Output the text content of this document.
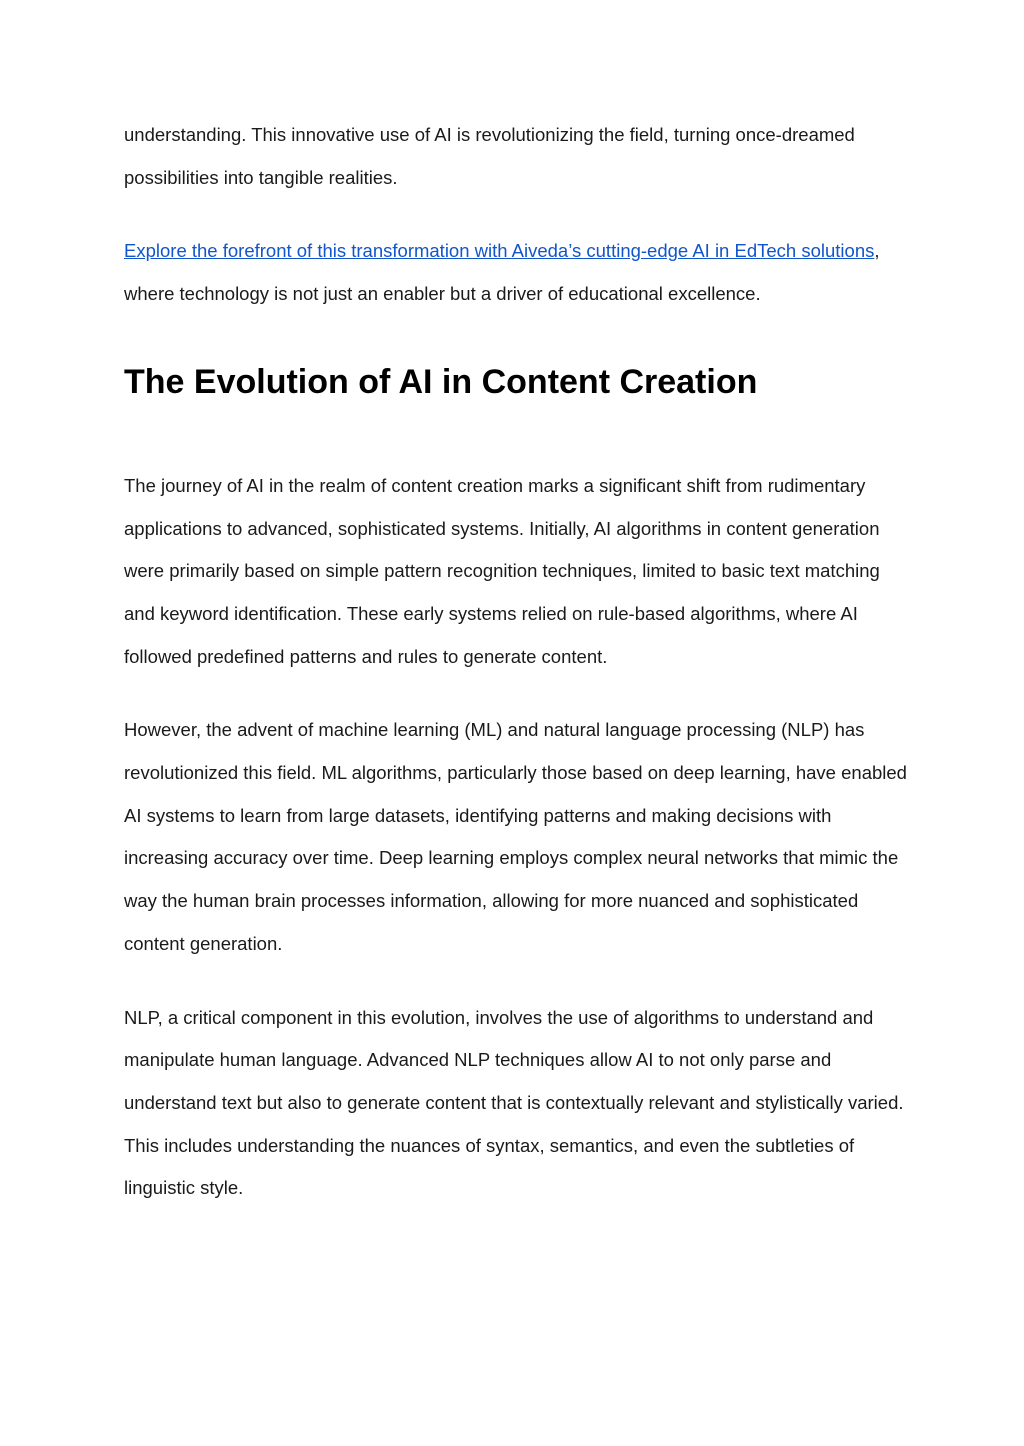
understanding. This innovative use of AI is revolutionizing the field, turning once-dreamed possibilities into tangible realities.

Explore the forefront of this transformation with Aiveda’s cutting-edge AI in EdTech solutions, where technology is not just an enabler but a driver of educational excellence.

The Evolution of AI in Content Creation

The journey of AI in the realm of content creation marks a significant shift from rudimentary applications to advanced, sophisticated systems. Initially, AI algorithms in content generation were primarily based on simple pattern recognition techniques, limited to basic text matching and keyword identification. These early systems relied on rule-based algorithms, where AI followed predefined patterns and rules to generate content.

However, the advent of machine learning (ML) and natural language processing (NLP) has revolutionized this field. ML algorithms, particularly those based on deep learning, have enabled AI systems to learn from large datasets, identifying patterns and making decisions with increasing accuracy over time. Deep learning employs complex neural networks that mimic the way the human brain processes information, allowing for more nuanced and sophisticated content generation.

NLP, a critical component in this evolution, involves the use of algorithms to understand and manipulate human language. Advanced NLP techniques allow AI to not only parse and understand text but also to generate content that is contextually relevant and stylistically varied. This includes understanding the nuances of syntax, semantics, and even the subtleties of linguistic style.
